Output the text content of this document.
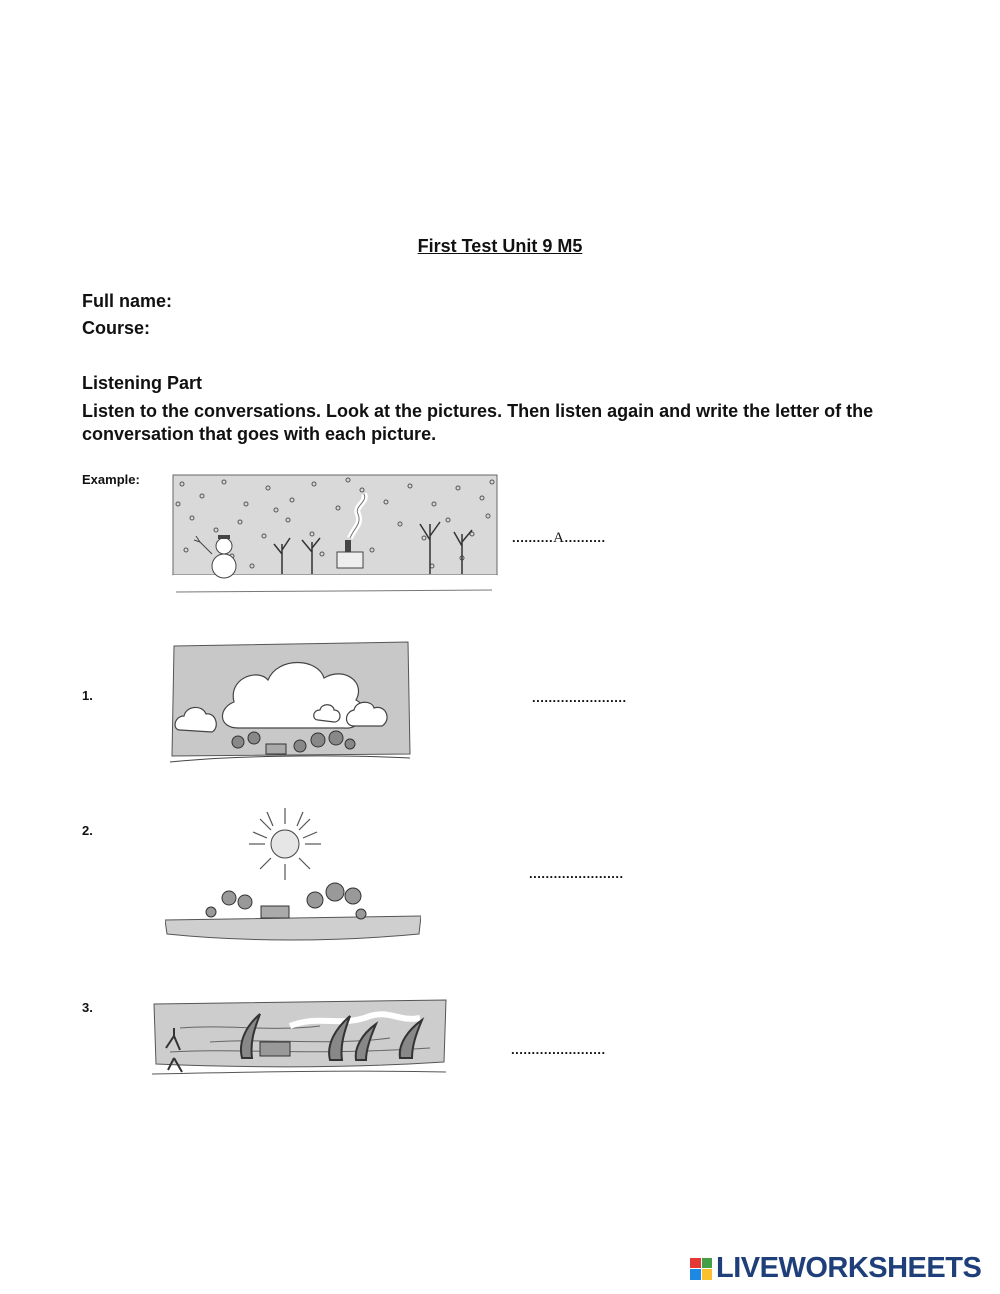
First Test Unit 9 M5
Full name:
Course:
Listening Part
Listen to the conversations. Look at the pictures. Then listen again and write the letter of the conversation that goes with each picture.
Example:
..........A..........
1.	.......................
2.
.......................
3.
.......................
LIVEWORKSHEETS
